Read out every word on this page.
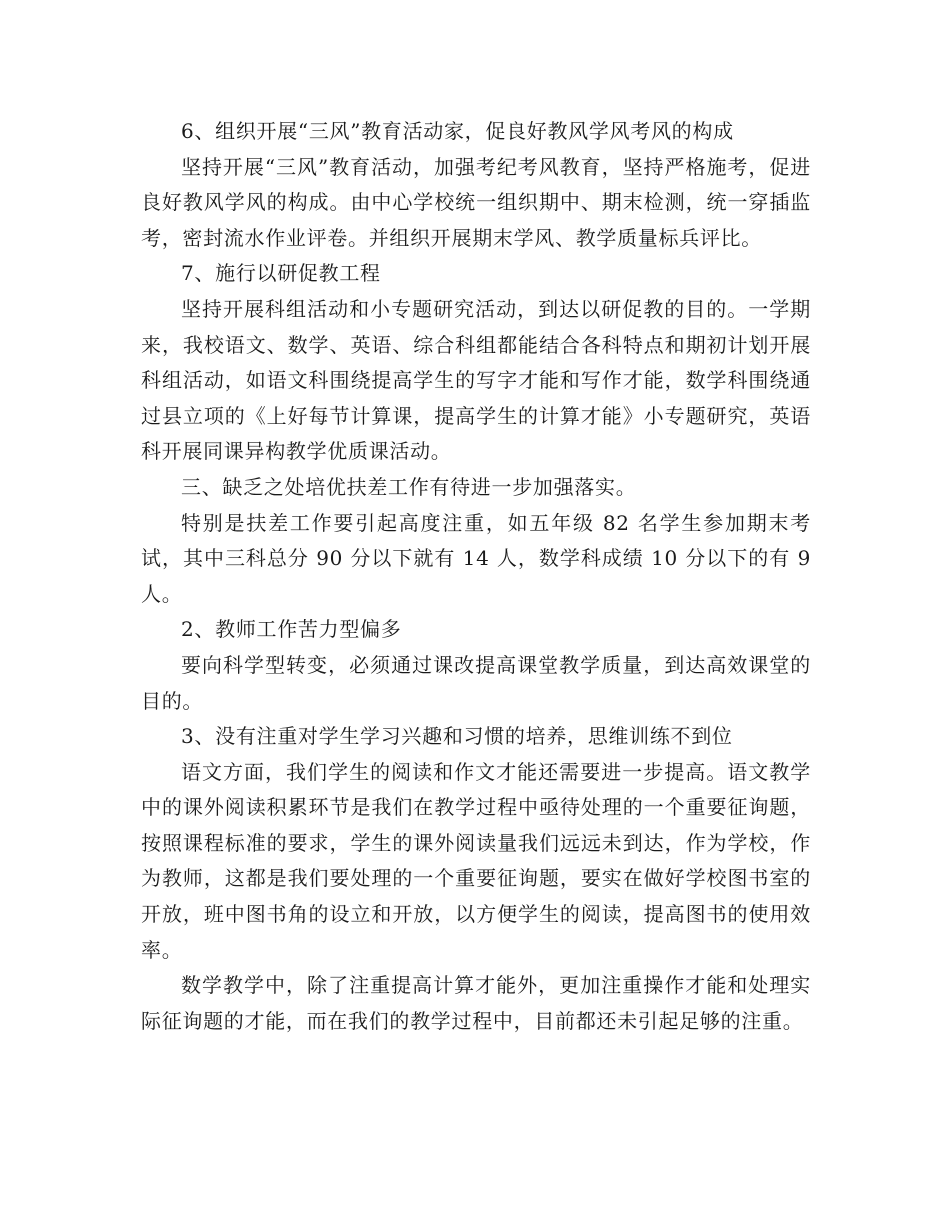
6、组织开展“三风”教育活动家，促良好教风学风考风的构成

坚持开展“三风”教育活动，加强考纪考风教育，坚持严格施考，促进良好教风学风的构成。由中心学校统一组织期中、期末检测，统一穿插监考，密封流水作业评卷。并组织开展期末学风、教学质量标兵评比。

7、施行以研促教工程

坚持开展科组活动和小专题研究活动，到达以研促教的目的。一学期来，我校语文、数学、英语、综合科组都能结合各科特点和期初计划开展科组活动，如语文科围绕提高学生的写字才能和写作才能，数学科围绕通过县立项的《上好每节计算课，提高学生的计算才能》小专题研究，英语科开展同课异构教学优质课活动。

三、缺乏之处培优扶差工作有待进一步加强落实。

特别是扶差工作要引起高度注重，如五年级 82 名学生参加期末考试，其中三科总分 90 分以下就有 14 人，数学科成绩 10 分以下的有 9 人。

2、教师工作苦力型偏多

要向科学型转变，必须通过课改提高课堂教学质量，到达高效课堂的目的。

3、没有注重对学生学习兴趣和习惯的培养，思维训练不到位

语文方面，我们学生的阅读和作文才能还需要进一步提高。语文教学中的课外阅读积累环节是我们在教学过程中亟待处理的一个重要征询题，按照课程标准的要求，学生的课外阅读量我们远远未到达，作为学校，作为教师，这都是我们要处理的一个重要征询题，要实在做好学校图书室的开放，班中图书角的设立和开放，以方便学生的阅读，提高图书的使用效率。

数学教学中，除了注重提高计算才能外，更加注重操作才能和处理实际征询题的才能，而在我们的教学过程中，目前都还未引起足够的注重。
